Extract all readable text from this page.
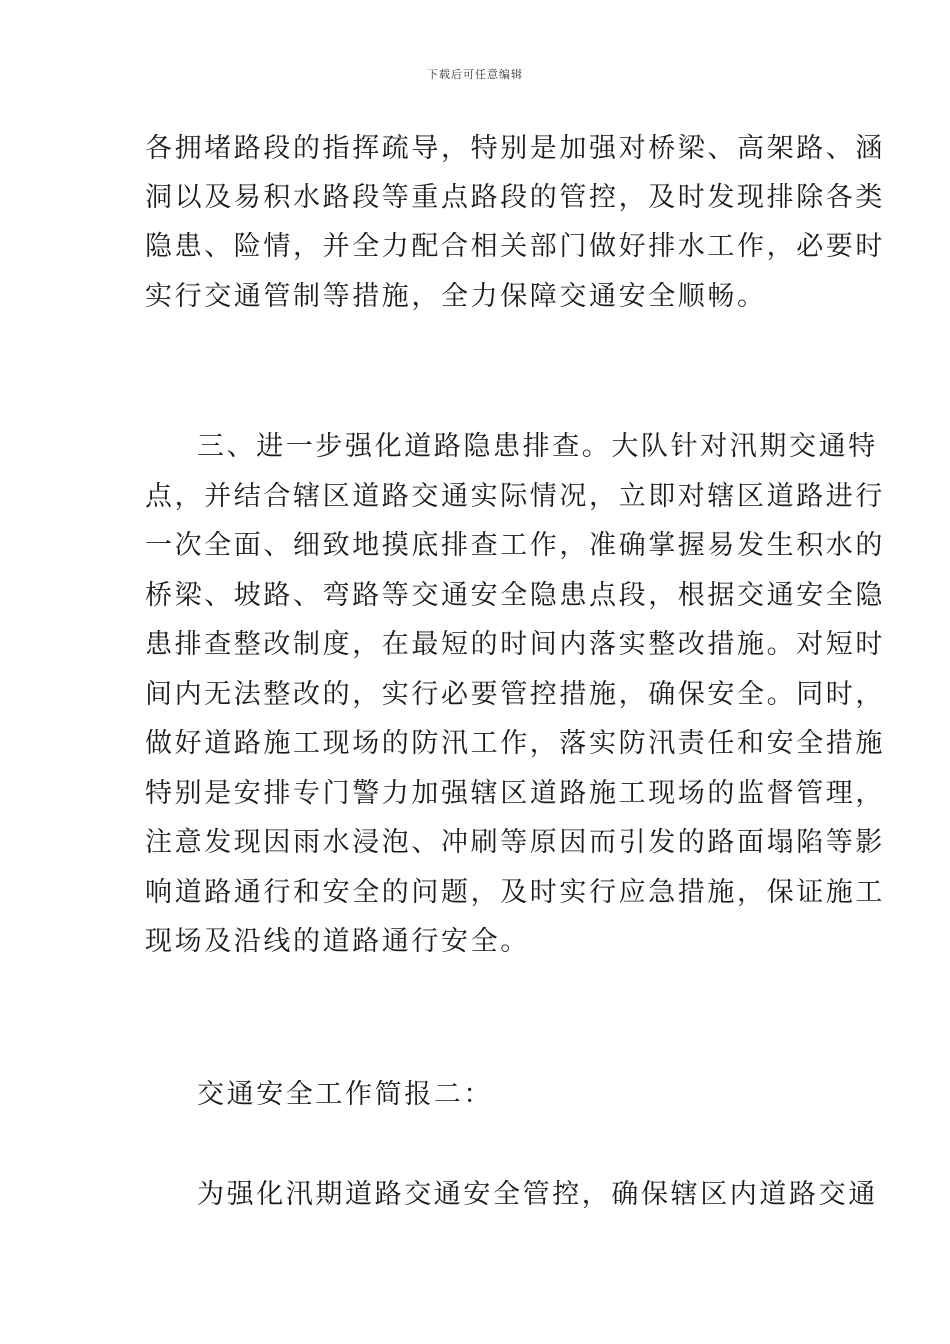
下载后可任意编辑
各拥堵路段的指挥疏导，特别是加强对桥梁、高架路、涵
洞以及易积水路段等重点路段的管控，及时发现排除各类
隐患、险情，并全力配合相关部门做好排水工作，必要时
实行交通管制等措施，全力保障交通安全顺畅。
三、进一步强化道路隐患排查。大队针对汛期交通特
点，并结合辖区道路交通实际情况，立即对辖区道路进行
一次全面、细致地摸底排查工作，准确掌握易发生积水的
桥梁、坡路、弯路等交通安全隐患点段，根据交通安全隐
患排查整改制度，在最短的时间内落实整改措施。对短时
间内无法整改的，实行必要管控措施，确保安全。同时，
做好道路施工现场的防汛工作，落实防汛责任和安全措施
特别是安排专门警力加强辖区道路施工现场的监督管理，
注意发现因雨水浸泡、冲刷等原因而引发的路面塌陷等影
响道路通行和安全的问题，及时实行应急措施，保证施工
现场及沿线的道路通行安全。
交通安全工作简报二：
为强化汛期道路交通安全管控，确保辖区内道路交通
